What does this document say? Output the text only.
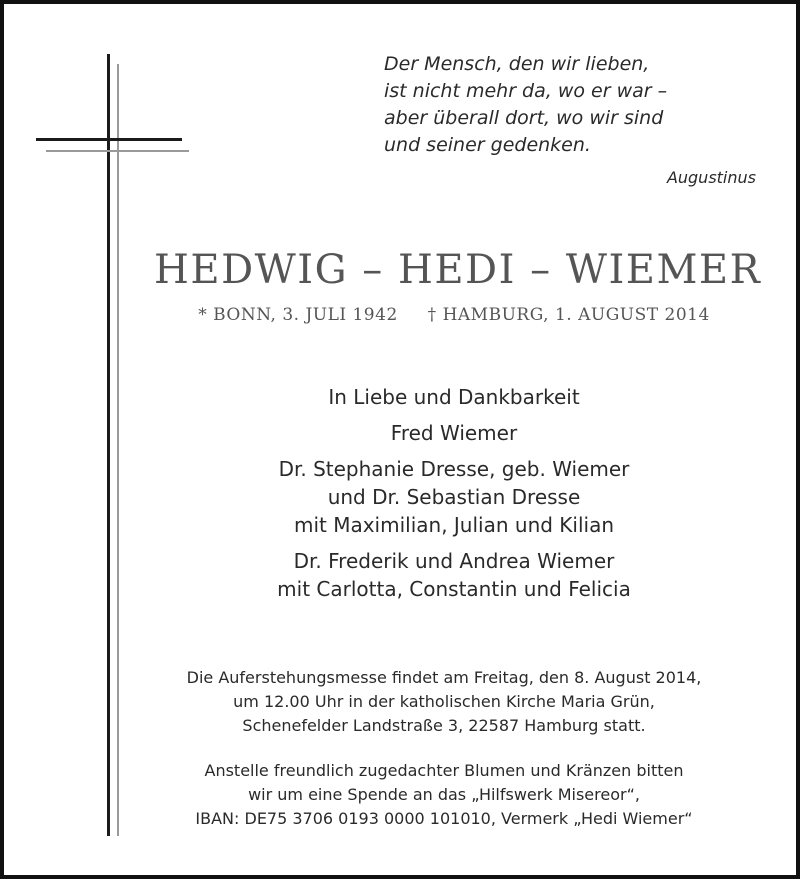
Der Mensch, den wir lieben,
ist nicht mehr da, wo er war –
aber überall dort, wo wir sind
und seiner gedenken.
Augustinus
HEDWIG – HEDI – WIEMER
* BONN, 3. JULI 1942 † HAMBURG, 1. AUGUST 2014
In Liebe und Dankbarkeit
Fred Wiemer
Dr. Stephanie Dresse, geb. Wiemer
und Dr. Sebastian Dresse
mit Maximilian, Julian und Kilian
Dr. Frederik und Andrea Wiemer
mit Carlotta, Constantin und Felicia
Die Auferstehungsmesse findet am Freitag, den 8. August 2014,
um 12.00 Uhr in der katholischen Kirche Maria Grün,
Schenefelder Landstraße 3, 22587 Hamburg statt.
Anstelle freundlich zugedachter Blumen und Kränzen bitten
wir um eine Spende an das „Hilfswerk Misereor“,
IBAN: DE75 3706 0193 0000 101010, Vermerk „Hedi Wiemer“
